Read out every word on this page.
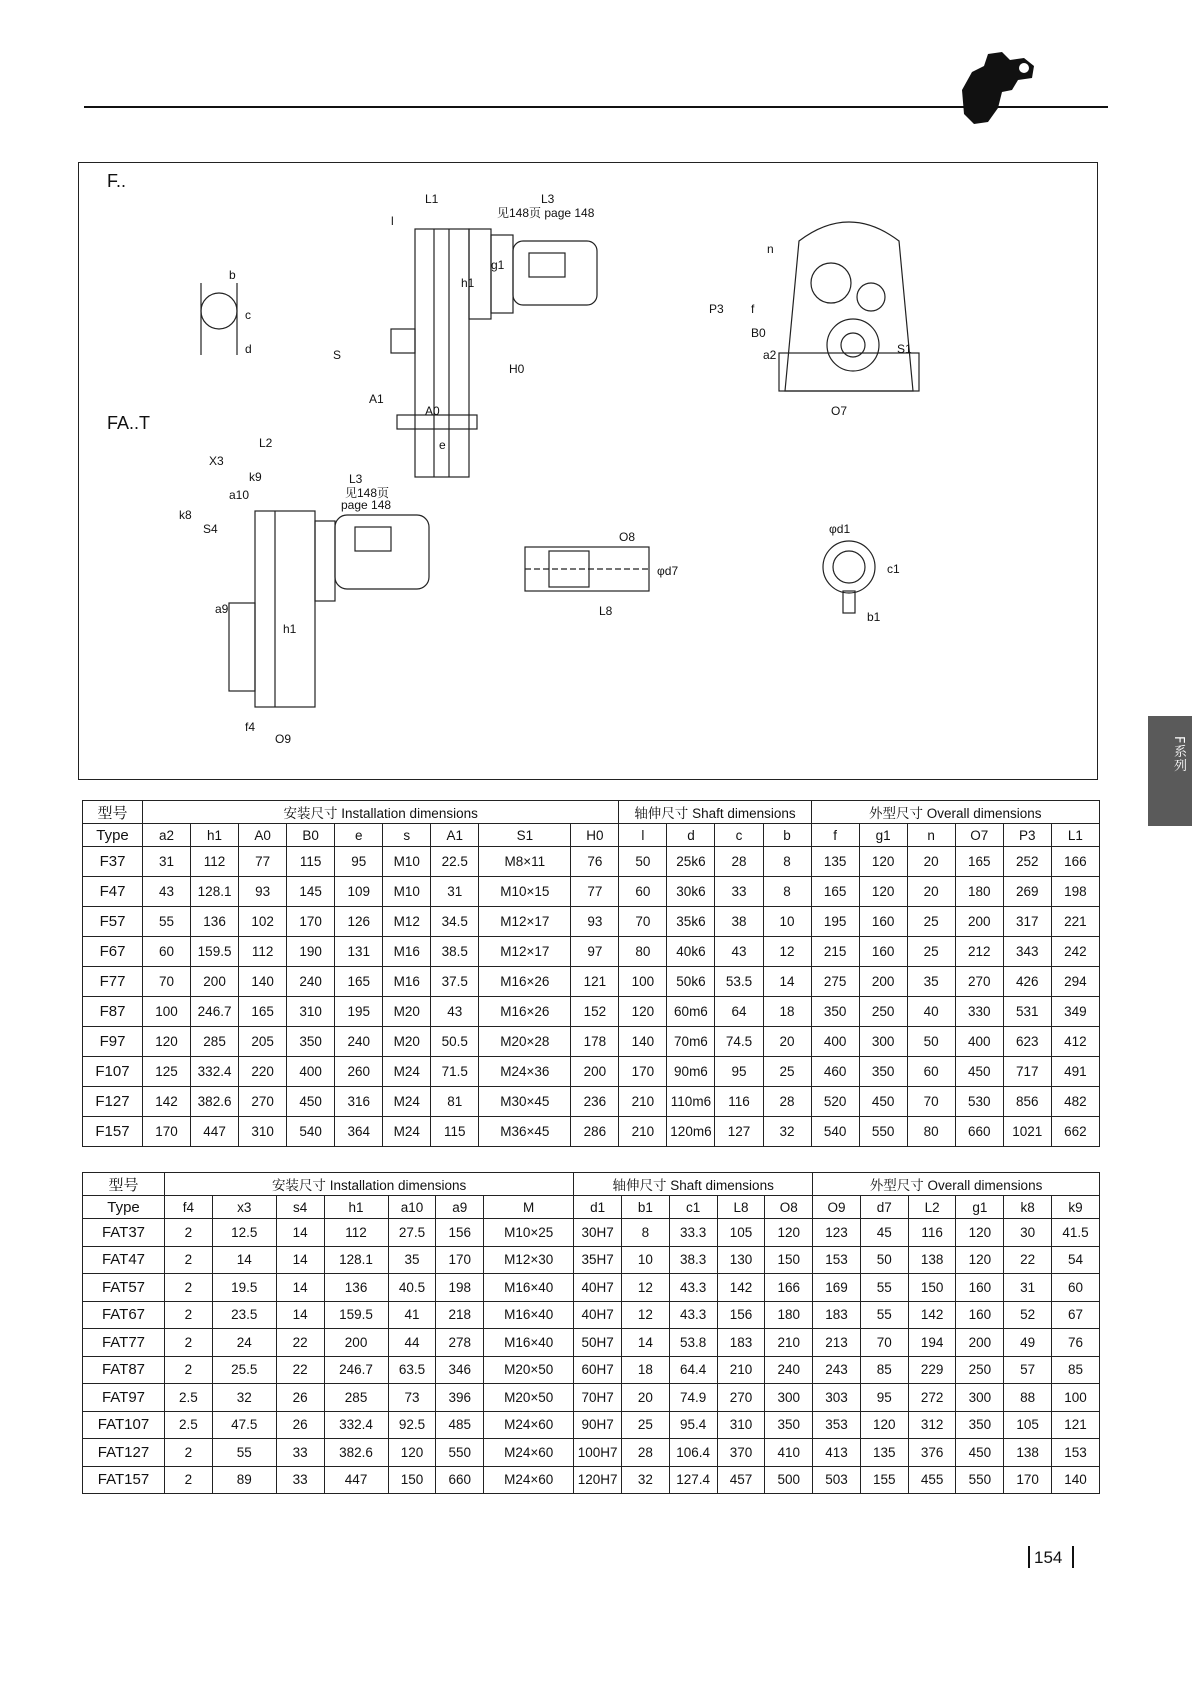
F系列
F..
FA..T
L1	L3
见148页 page 148
l
h1
g1
H0
A0
A1
e
S
b
c
d
P3 f
B0
a2
n
S1
O7
L2
X3
k9	L3
见148页
page 148
a10
k8
S4
a9
h1
f4
O9
O8
L8
φd7
φd1
c1
b1
型号	安装尺寸 Installation dimensions									轴伸尺寸 Shaft dimensions				外型尺寸 Overall dimensions					
Type	a2	h1	A0	B0	e	s	A1	S1	H0	l	d	c	b	f	g1	n	O7	P3	L1
F37	31	112	77	115	95	M10	22.5	M8×11	76	50	25k6	28	8	135	120	20	165	252	166
F47	43	128.1	93	145	109	M10	31	M10×15	77	60	30k6	33	8	165	120	20	180	269	198
F57	55	136	102	170	126	M12	34.5	M12×17	93	70	35k6	38	10	195	160	25	200	317	221
F67	60	159.5	112	190	131	M16	38.5	M12×17	97	80	40k6	43	12	215	160	25	212	343	242
F77	70	200	140	240	165	M16	37.5	M16×26	121	100	50k6	53.5	14	275	200	35	270	426	294
F87	100	246.7	165	310	195	M20	43	M16×26	152	120	60m6	64	18	350	250	40	330	531	349
F97	120	285	205	350	240	M20	50.5	M20×28	178	140	70m6	74.5	20	400	300	50	400	623	412
F107	125	332.4	220	400	260	M24	71.5	M24×36	200	170	90m6	95	25	460	350	60	450	717	491
F127	142	382.6	270	450	316	M24	81	M30×45	236	210	110m6	116	28	520	450	70	530	856	482
F157	170	447	310	540	364	M24	115	M36×45	286	210	120m6	127	32	540	550	80	660	1021	662
型号	安装尺寸 Installation dimensions							轴伸尺寸 Shaft dimensions					外型尺寸 Overall dimensions					
Type	f4	x3	s4	h1	a10	a9	M	d1	b1	c1	L8	O8	O9	d7	L2	g1	k8	k9
FAT37	2	12.5	14	112	27.5	156	M10×25	30H7	8	33.3	105	120	123	45	116	120	30	41.5
FAT47	2	14	14	128.1	35	170	M12×30	35H7	10	38.3	130	150	153	50	138	120	22	54
FAT57	2	19.5	14	136	40.5	198	M16×40	40H7	12	43.3	142	166	169	55	150	160	31	60
FAT67	2	23.5	14	159.5	41	218	M16×40	40H7	12	43.3	156	180	183	55	142	160	52	67
FAT77	2	24	22	200	44	278	M16×40	50H7	14	53.8	183	210	213	70	194	200	49	76
FAT87	2	25.5	22	246.7	63.5	346	M20×50	60H7	18	64.4	210	240	243	85	229	250	57	85
FAT97	2.5	32	26	285	73	396	M20×50	70H7	20	74.9	270	300	303	95	272	300	88	100
FAT107	2.5	47.5	26	332.4	92.5	485	M24×60	90H7	25	95.4	310	350	353	120	312	350	105	121
FAT127	2	55	33	382.6	120	550	M24×60	100H7	28	106.4	370	410	413	135	376	450	138	153
FAT157	2	89	33	447	150	660	M24×60	120H7	32	127.4	457	500	503	155	455	550	170	140
154
